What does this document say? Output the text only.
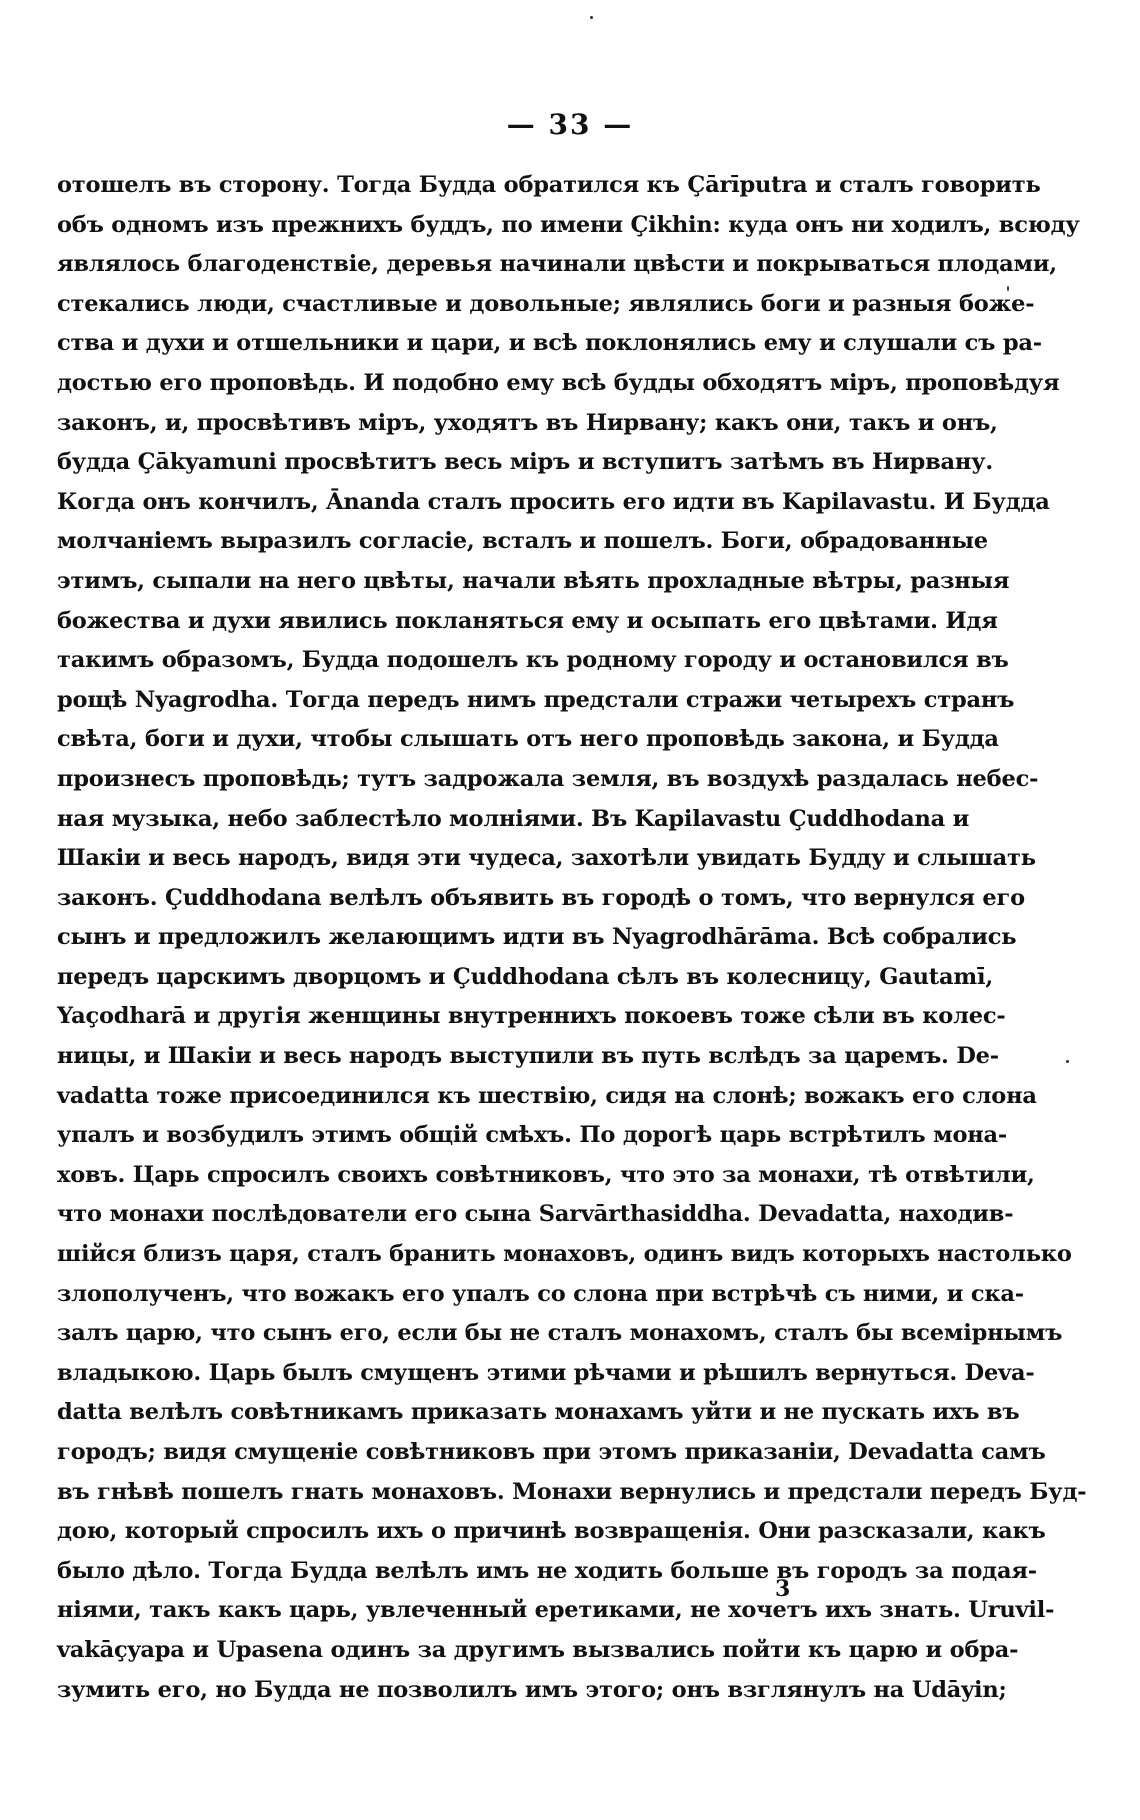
— 33 —
отошелъ въ сторону. Тогда Будда обратился къ Çārīputra и сталъ говорить
объ одномъ изъ прежнихъ буддъ, по имени Çikhin: куда онъ ни ходилъ, всюду
являлось благоденствіе, деревья начинали цвѣсти и покрываться плодами,
стекались люди, счастливые и довольные; являлись боги и разныя боже-
ства и духи и отшельники и цари, и всѣ поклонялись ему и слушали съ ра-
достью его проповѣдь. И подобно ему всѣ будды обходятъ міръ, проповѣдуя
законъ, и, просвѣтивъ міръ, уходятъ въ Нирвану; какъ они, такъ и онъ,
будда Çākyamuni просвѣтитъ весь міръ и вступитъ затѣмъ въ Нирвану.
Когда онъ кончилъ, Ānanda сталъ просить его идти въ Kapilavastu. И Будда
молчаніемъ выразилъ согласіе, всталъ и пошелъ. Боги, обрадованные
этимъ, сыпали на него цвѣты, начали вѣять прохладные вѣтры, разныя
божества и духи явились покланяться ему и осыпать его цвѣтами. Идя
такимъ образомъ, Будда подошелъ къ родному городу и остановился въ
рощѣ Nyagrodha. Тогда передъ нимъ предстали стражи четырехъ странъ
свѣта, боги и духи, чтобы слышать отъ него проповѣдь закона, и Будда
произнесъ проповѣдь; тутъ задрожала земля, въ воздухѣ раздалась небес-
ная музыка, небо заблестѣло молніями. Въ Kapilavastu Çuddhodana и
Шакіи и весь народъ, видя эти чудеса, захотѣли увидать Будду и слышать
законъ. Çuddhodana велѣлъ объявить въ городѣ о томъ, что вернулся его
сынъ и предложилъ желающимъ идти въ Nyagrodhārāma. Всѣ собрались
передъ царскимъ дворцомъ и Çuddhodana сѣлъ въ колесницу, Gautamī,
Yaçodharā и другія женщины внутреннихъ покоевъ тоже сѣли въ колес-
ницы, и Шакіи и весь народъ выступили въ путь вслѣдъ за царемъ. De-
vadatta тоже присоединился къ шествію, сидя на слонѣ; вожакъ его слона
упалъ и возбудилъ этимъ общій смѣхъ. По дорогѣ царь встрѣтилъ мона-
ховъ. Царь спросилъ своихъ совѣтниковъ, что это за монахи, тѣ отвѣтили,
что монахи послѣдователи его сына Sarvārthasiddha. Devadatta, находив-
шійся близъ царя, сталъ бранить монаховъ, одинъ видъ которыхъ настолько
злополученъ, что вожакъ его упалъ со слона при встрѣчѣ съ ними, и ска-
залъ царю, что сынъ его, если бы не сталъ монахомъ, сталъ бы всеміpнымъ
владыкою. Царь былъ смущенъ этими рѣчами и рѣшилъ вернуться. Deva-
datta велѣлъ совѣтникамъ приказать монахамъ уйти и не пускать ихъ въ
городъ; видя смущеніе совѣтниковъ при этомъ приказаніи, Devadatta самъ
въ гнѣвѣ пошелъ гнать монаховъ. Монахи вернулись и предстали передъ Буд-
дою, который спросилъ ихъ о причинѣ возвращенія. Они разсказали, какъ
было дѣло. Тогда Будда велѣлъ имъ не ходить больше въ городъ за подая-
ніями, такъ какъ царь, увлеченный еретиками, не хочетъ ихъ знать. Uruvil-
vakāçyapa и Upasena одинъ за другимъ вызвались пойти къ царю и обра-
зумить его, но Будда не позволилъ имъ этого; онъ взглянулъ на Udāyin;
3
